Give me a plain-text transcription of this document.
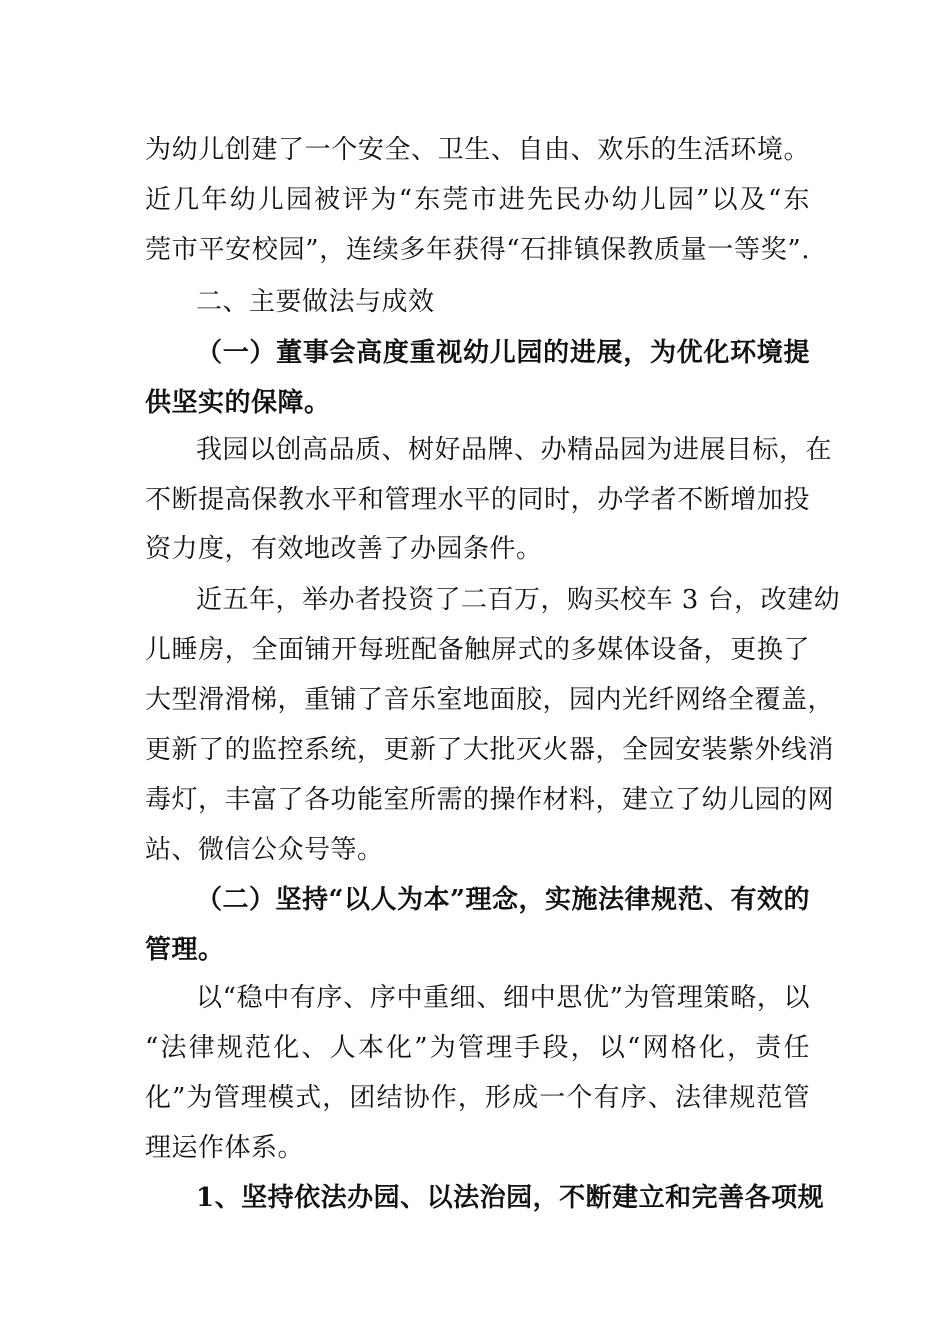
为幼儿创建了一个安全、卫生、自由、欢乐的生活环境。
近几年幼儿园被评为“东莞市进先民办幼儿园”以及“东
莞市平安校园”，连续多年获得“石排镇保教质量一等奖”.
二、主要做法与成效
（一）董事会高度重视幼儿园的进展，为优化环境提
供坚实的保障。
我园以创高品质、树好品牌、办精品园为进展目标，在
不断提高保教水平和管理水平的同时，办学者不断增加投
资力度，有效地改善了办园条件。
近五年，举办者投资了二百万，购买校车 3 台，改建幼
儿睡房，全面铺开每班配备触屏式的多媒体设备，更换了
大型滑滑梯，重铺了音乐室地面胶，园内光纤网络全覆盖，
更新了的监控系统，更新了大批灭火器，全园安装紫外线消
毒灯，丰富了各功能室所需的操作材料，建立了幼儿园的网
站、微信公众号等。
（二）坚持“以人为本”理念，实施法律规范、有效的
管理。
以“稳中有序、序中重细、细中思优”为管理策略，以
“法律规范化、人本化”为管理手段，以“网格化，责任
化”为管理模式，团结协作，形成一个有序、法律规范管
理运作体系。
1、坚持依法办园、以法治园，不断建立和完善各项规
